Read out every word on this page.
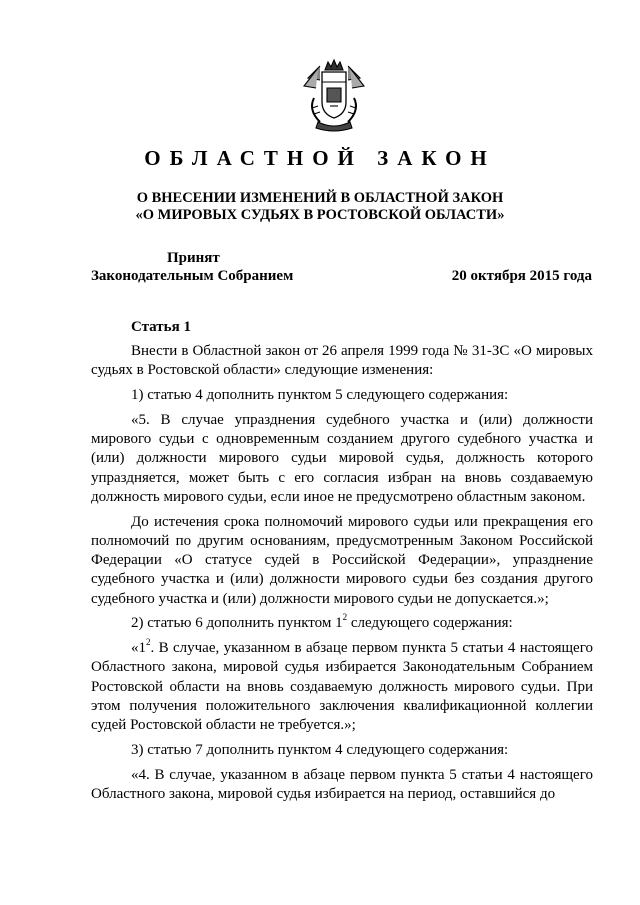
ОБЛАСТНОЙ ЗАКОН
О ВНЕСЕНИИ ИЗМЕНЕНИЙ В ОБЛАСТНОЙ ЗАКОН
«О МИРОВЫХ СУДЬЯХ В РОСТОВСКОЙ ОБЛАСТИ»
Принят
Законодательным Собранием	20 октября 2015 года
Статья 1

Внести в Областной закон от 26 апреля 1999 года № 31-ЗС «О мировых судьях в Ростовской области» следующие изменения:

1) статью 4 дополнить пунктом 5 следующего содержания:

«5. В случае упразднения судебного участка и (или) должности мирового судьи с одновременным созданием другого судебного участка и (или) должности мирового судьи мировой судья, должность которого упраздняется, может быть с его согласия избран на вновь создаваемую должность мирового судьи, если иное не предусмотрено областным законом.

До истечения срока полномочий мирового судьи или прекращения его полномочий по другим основаниям, предусмотренным Законом Российской Федерации «О статусе судей в Российской Федерации», упразднение судебного участка и (или) должности мирового судьи без создания другого судебного участка и (или) должности мирового судьи не допускается.»;

2) статью 6 дополнить пунктом $1^2$ следующего содержания:

«$1^2$. В случае, указанном в абзаце первом пункта 5 статьи 4 настоящего Областного закона, мировой судья избирается Законодательным Собранием Ростовской области на вновь создаваемую должность мирового судьи. При этом получения положительного заключения квалификационной коллегии судей Ростовской области не требуется.»;

3) статью 7 дополнить пунктом 4 следующего содержания:

«4. В случае, указанном в абзаце первом пункта 5 статьи 4 настоящего Областного закона, мировой судья избирается на период, оставшийся до
